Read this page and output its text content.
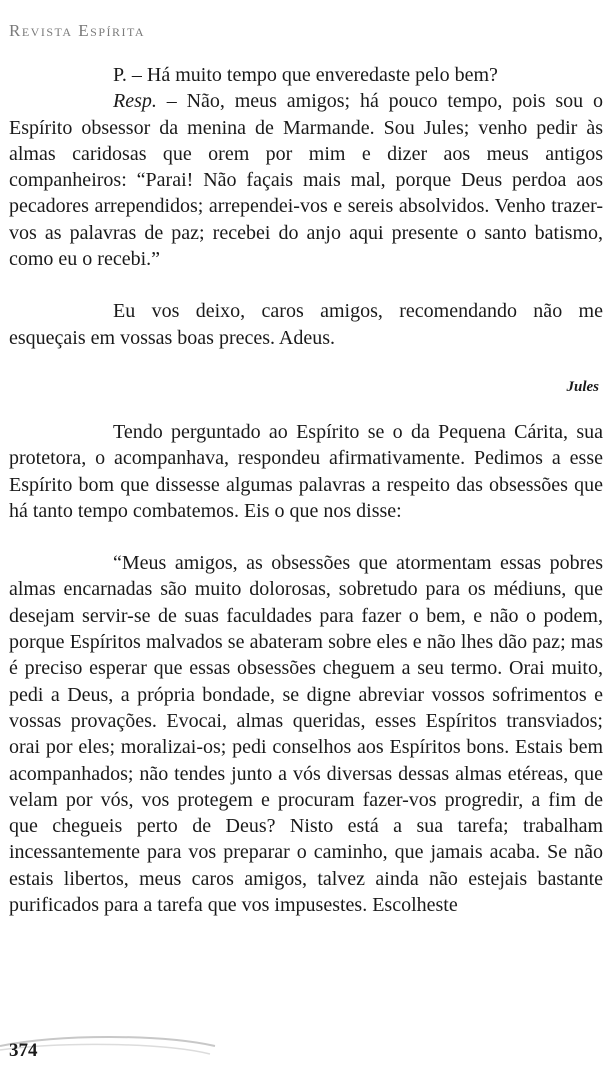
Revista Espírita

P. – Há muito tempo que enveredaste pelo bem?

Resp. – Não, meus amigos; há pouco tempo, pois sou o Espírito obsessor da menina de Marmande. Sou Jules; venho pedir às almas caridosas que orem por mim e dizer aos meus antigos companheiros: “Parai! Não façais mais mal, porque Deus perdoa aos pecadores arrependidos; arrependei-vos e sereis absolvidos. Venho trazer-vos as palavras de paz; recebei do anjo aqui presente o santo batismo, como eu o recebi.”

Eu vos deixo, caros amigos, recomendando não me esqueçais em vossas boas preces. Adeus.

Jules

Tendo perguntado ao Espírito se o da Pequena Cárita, sua protetora, o acompanhava, respondeu afirmativamente. Pedimos a esse Espírito bom que dissesse algumas palavras a respeito das obsessões que há tanto tempo combatemos. Eis o que nos disse:

“Meus amigos, as obsessões que atormentam essas pobres almas encarnadas são muito dolorosas, sobretudo para os médiuns, que desejam servir-se de suas faculdades para fazer o bem, e não o podem, porque Espíritos malvados se abateram sobre eles e não lhes dão paz; mas é preciso esperar que essas obsessões cheguem a seu termo. Orai muito, pedi a Deus, a própria bondade, se digne abreviar vossos sofrimentos e vossas provações. Evocai, almas queridas, esses Espíritos transviados; orai por eles; moralizai-os; pedi conselhos aos Espíritos bons. Estais bem acompanhados; não tendes junto a vós diversas dessas almas etéreas, que velam por vós, vos protegem e procuram fazer-vos progredir, a fim de que chegueis perto de Deus? Nisto está a sua tarefa; trabalham incessantemente para vos preparar o caminho, que jamais acaba. Se não estais libertos, meus caros amigos, talvez ainda não estejais bastante purificados para a tarefa que vos impusestes. Escolheste

374
